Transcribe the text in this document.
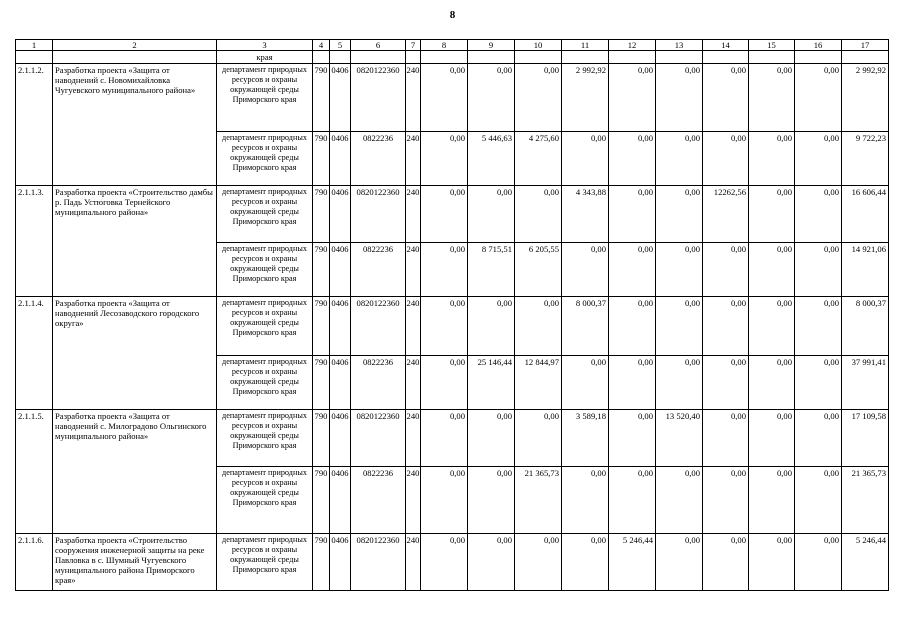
8
1	2	3	4	5	6	7	8	9	10	11	12	13	14	15	16	17
		края														
2.1.1.2.	Разработка проекта «Защита от наводнений с. Новомихайловка Чугуевского муниципального района»	департамент природных ресурсов и охраны окружающей среды Приморского края	790	0406	0820122360	240	0,00	0,00	0,00	2 992,92	0,00	0,00	0,00	0,00	0,00	2 992,92
		департамент природных ресурсов и охраны окружающей среды Приморского края	790	0406	0822236	240	0,00	5 446,63	4 275,60	0,00	0,00	0,00	0,00	0,00	0,00	9 722,23
2.1.1.3.	Разработка проекта «Строительство дамбы р. Падь Устюговка Тернейского муниципального района»	департамент природных ресурсов и охраны окружающей среды Приморского края	790	0406	0820122360	240	0,00	0,00	0,00	4 343,88	0,00	0,00	12262,56	0,00	0,00	16 606,44
		департамент природных ресурсов и охраны окружающей среды Приморского края	790	0406	0822236	240	0,00	8 715,51	6 205,55	0,00	0,00	0,00	0,00	0,00	0,00	14 921,06
2.1.1.4.	Разработка проекта «Защита от наводнений Лесозаводского городского округа»	департамент природных ресурсов и охраны окружающей среды Приморского края	790	0406	0820122360	240	0,00	0,00	0,00	8 000,37	0,00	0,00	0,00	0,00	0,00	8 000,37
		департамент природных ресурсов и охраны окружающей среды Приморского края	790	0406	0822236	240	0,00	25 146,44	12 844,97	0,00	0,00	0,00	0,00	0,00	0,00	37 991,41
2.1.1.5.	Разработка проекта «Защита от наводнений с. Милоградово Ольгинского муниципального района»	департамент природных ресурсов и охраны окружающей среды Приморского края	790	0406	0820122360	240	0,00	0,00	0,00	3 589,18	0,00	13 520,40	0,00	0,00	0,00	17 109,58
		департамент природных ресурсов и охраны окружающей среды Приморского края	790	0406	0822236	240	0,00	0,00	21 365,73	0,00	0,00	0,00	0,00	0,00	0,00	21 365,73
2.1.1.6.	Разработка проекта «Строительство сооружения инженерной защиты на реке Павловка в с. Шумный Чугуевского муниципального района Приморского края»	департамент природных ресурсов и охраны окружающей среды Приморского края	790	0406	0820122360	240	0,00	0,00	0,00	0,00	5 246,44	0,00	0,00	0,00	0,00	5 246,44
